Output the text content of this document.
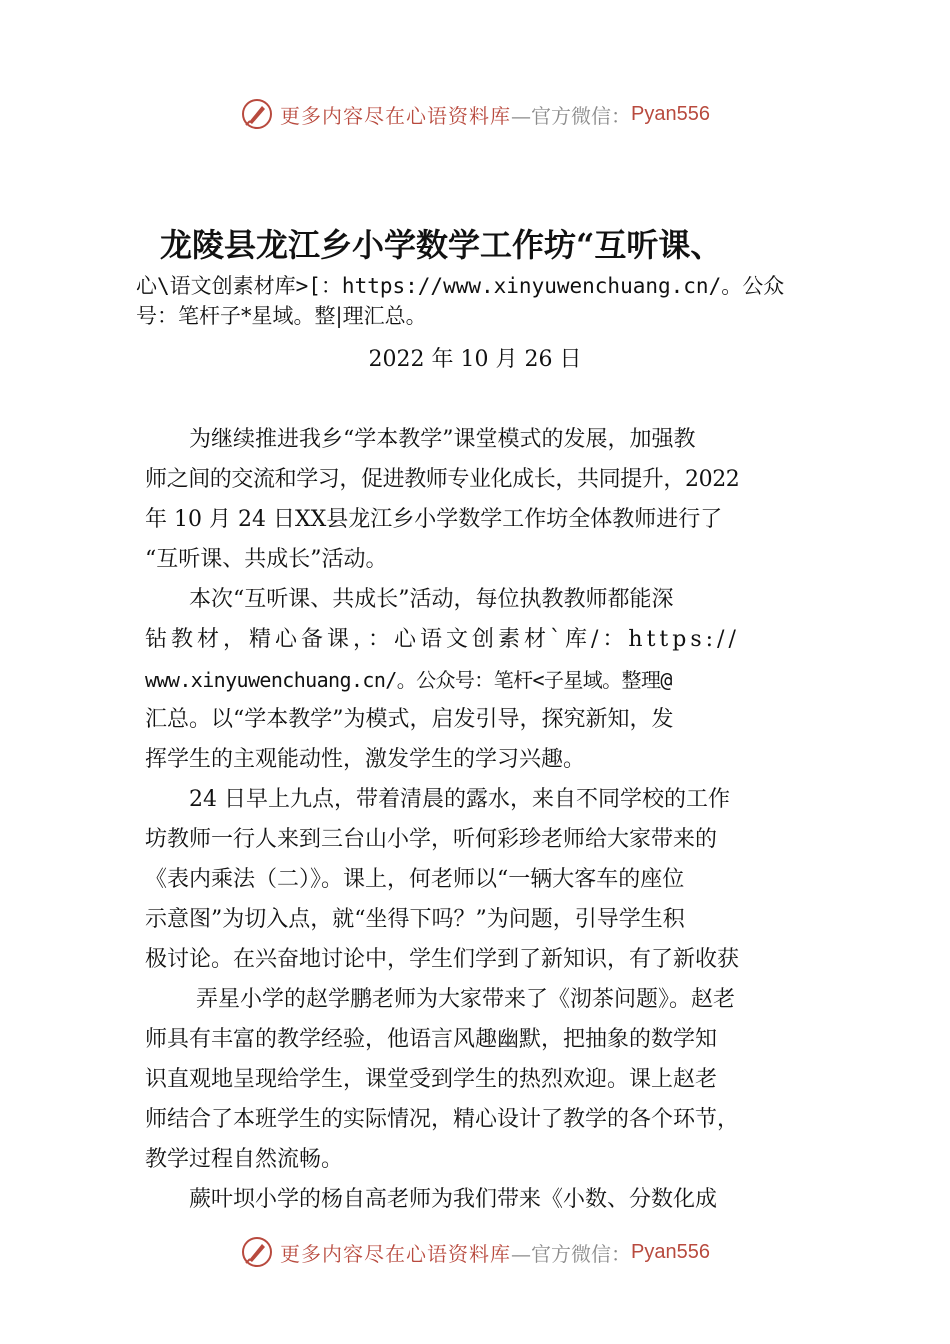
更多内容尽在心语资料库 —官方微信： Pyan556
龙陵县龙江乡小学数学工作坊“互听课、
心\语文创素材库>[：https://www.xinyuwenchuang.cn/。公众
号：笔杆子*星域。整|理汇总。
2022 年 10 月 26 日
　　为继续推进我乡“学本教学”课堂模式的发展，加强教
师之间的交流和学习，促进教师专业化成长，共同提升，2022
年 10 月 24 日XX县龙江乡小学数学工作坊全体教师进行了
“互听课、共成长”活动。
　　本次“互听课、共成长”活动，每位执教教师都能深
钻教材，精心备课，：心语文创素材`库/：https://
www.xinyuwenchuang.cn/。公众号：笔杆<子星域。整理@
汇总。以“学本教学”为模式，启发引导，探究新知，发
挥学生的主观能动性，激发学生的学习兴趣。
　　24 日早上九点，带着清晨的露水，来自不同学校的工作
坊教师一行人来到三台山小学，听何彩珍老师给大家带来的
《表内乘法（二）》。课上，何老师以“一辆大客车的座位
示意图”为切入点，就“坐得下吗？”为问题，引导学生积
极讨论。在兴奋地讨论中，学生们学到了新知识，有了新收获
　　 弄星小学的赵学鹏老师为大家带来了《沏茶问题》。赵老
师具有丰富的教学经验，他语言风趣幽默，把抽象的数学知
识直观地呈现给学生，课堂受到学生的热烈欢迎。课上赵老
师结合了本班学生的实际情况，精心设计了教学的各个环节，
教学过程自然流畅。
　　蕨叶坝小学的杨自高老师为我们带来《小数、分数化成
更多内容尽在心语资料库 —官方微信： Pyan556
